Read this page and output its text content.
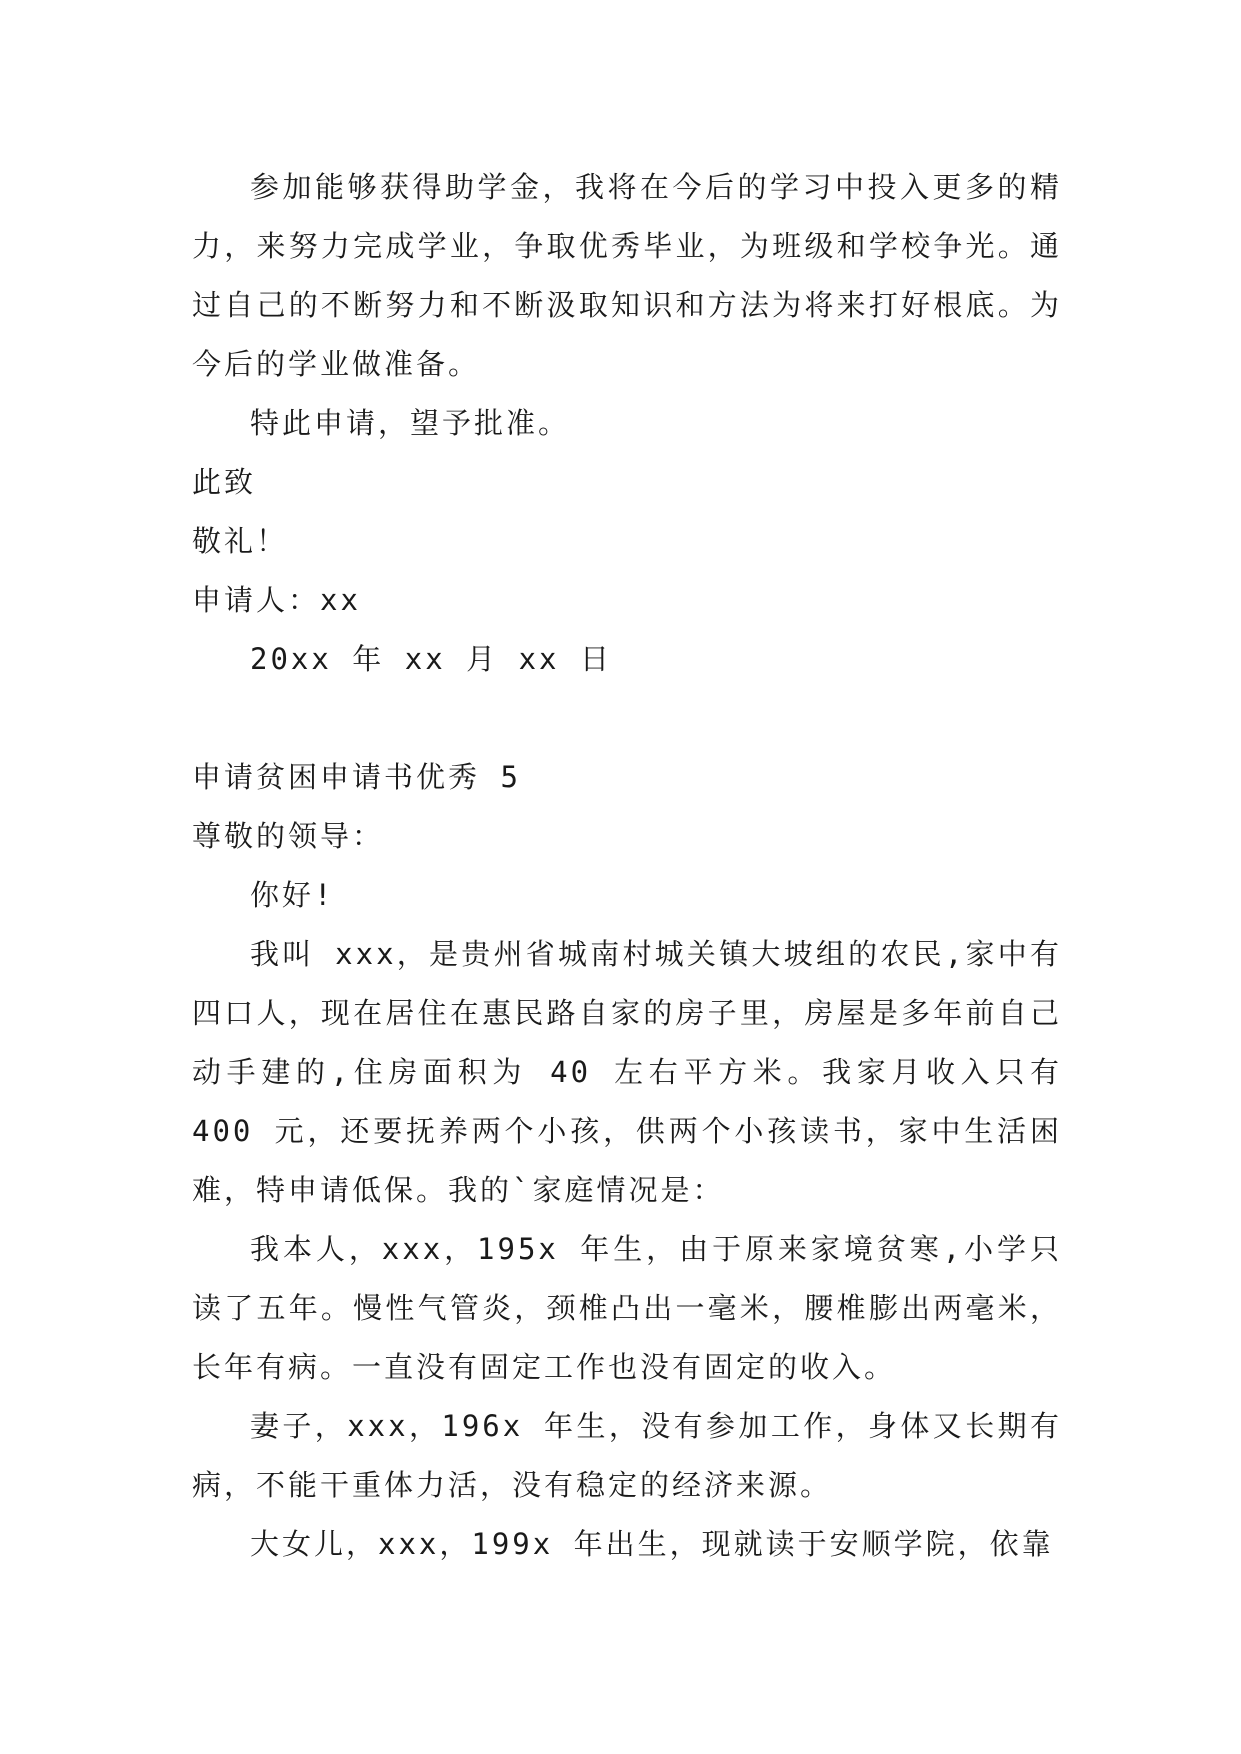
参加能够获得助学金，我将在今后的学习中投入更多的精力，来努力完成学业，争取优秀毕业，为班级和学校争光。通过自己的不断努力和不断汲取知识和方法为将来打好根底。为今后的学业做准备。

特此申请，望予批准。

此致

敬礼！

申请人：xx

20xx 年 xx 月 xx 日

申请贫困申请书优秀 5

尊敬的领导：

你好!

我叫 xxx，是贵州省城南村城关镇大坡组的农民,家中有四口人，现在居住在惠民路自家的房子里，房屋是多年前自己动手建的,住房面积为 40 左右平方米。我家月收入只有 400 元，还要抚养两个小孩，供两个小孩读书，家中生活困难，特申请低保。我的`家庭情况是：

我本人，xxx，195x 年生，由于原来家境贫寒,小学只读了五年。慢性气管炎，颈椎凸出一毫米，腰椎膨出两毫米，长年有病。一直没有固定工作也没有固定的收入。

妻子，xxx，196x 年生，没有参加工作，身体又长期有病，不能干重体力活，没有稳定的经济来源。

大女儿，xxx，199x 年出生，现就读于安顺学院，依靠
